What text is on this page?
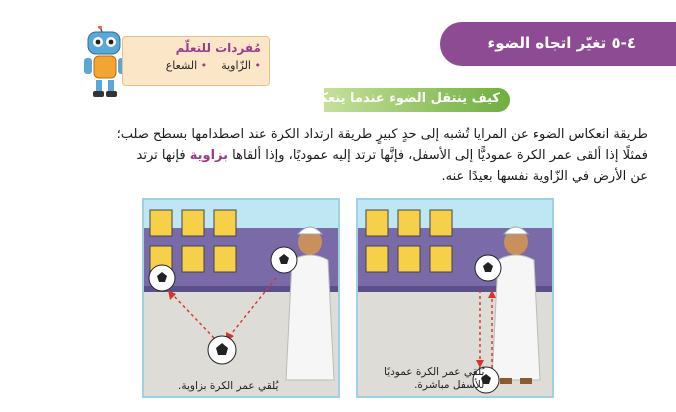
٤-٥ تغيّر اتجاه الضوء
كيف ينتقل الضوء عندما ينعكس؟
مُفردات للتعلّم
• الزّاوية
• الشعاع
طريقة انعكاس الضوء عن المرايا تُشبه إلى حدٍ كبيرٍ طريقة ارتداد الكرة عند اصطدامها بسطح صلب؛
فمثلًا إذا ألقى عمر الكرة عموديًّا إلى الأسفل، فإنَّها ترتد إليه عموديًا، وإذا ألقاها بزاوية فإنها ترتد
عن الأرض في الزّاوية نفسها بعيدًا عنه.
يُلقي عمر الكرة عموديًا
للأسفل مباشرة.
يُلقي عمر الكرة بزاوية.
